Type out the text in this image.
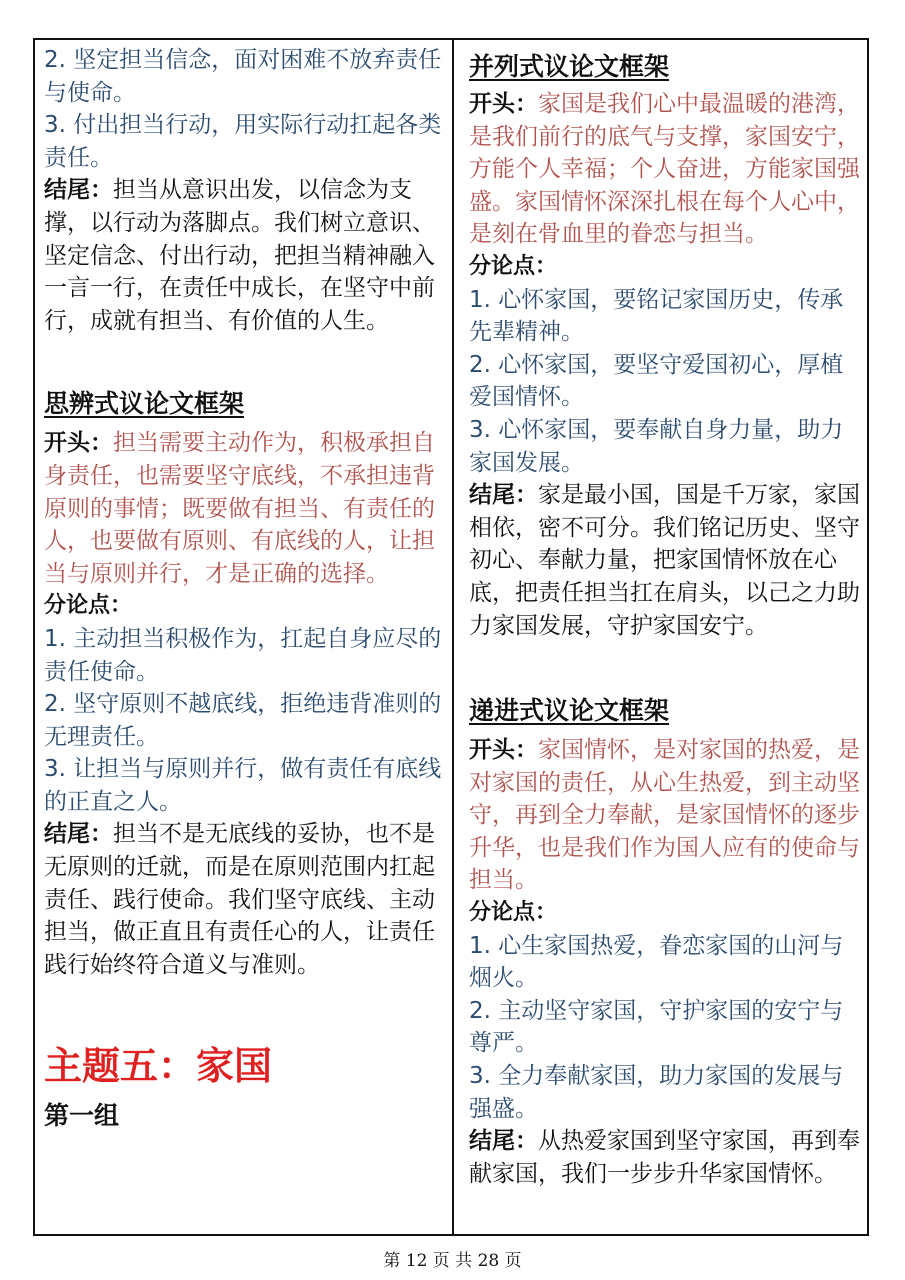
2. 坚定担当信念，面对困难不放弃责任与使命。

3. 付出担当行动，用实际行动扛起各类责任。

结尾：担当从意识出发，以信念为支撑，以行动为落脚点。我们树立意识、坚定信念、付出行动，把担当精神融入一言一行，在责任中成长，在坚守中前行，成就有担当、有价值的人生。

思辨式议论文框架

开头：担当需要主动作为，积极承担自身责任，也需要坚守底线，不承担违背原则的事情；既要做有担当、有责任的人，也要做有原则、有底线的人，让担当与原则并行，才是正确的选择。

分论点：

1. 主动担当积极作为，扛起自身应尽的责任使命。

2. 坚守原则不越底线，拒绝违背准则的无理责任。

3. 让担当与原则并行，做有责任有底线的正直之人。

结尾：担当不是无底线的妥协，也不是无原则的迁就，而是在原则范围内扛起责任、践行使命。我们坚守底线、主动担当，做正直且有责任心的人，让责任践行始终符合道义与准则。

主题五：家国

第一组

并列式议论文框架

开头：家国是我们心中最温暖的港湾，是我们前行的底气与支撑，家国安宁，方能个人幸福；个人奋进，方能家国强盛。家国情怀深深扎根在每个人心中，是刻在骨血里的眷恋与担当。

分论点：

1. 心怀家国，要铭记家国历史，传承先辈精神。

2. 心怀家国，要坚守爱国初心，厚植爱国情怀。

3. 心怀家国，要奉献自身力量，助力家国发展。

结尾：家是最小国，国是千万家，家国相依，密不可分。我们铭记历史、坚守初心、奉献力量，把家国情怀放在心底，把责任担当扛在肩头，以己之力助力家国发展，守护家国安宁。

递进式议论文框架

开头：家国情怀，是对家国的热爱，是对家国的责任，从心生热爱，到主动坚守，再到全力奉献，是家国情怀的逐步升华，也是我们作为国人应有的使命与担当。

分论点：

1. 心生家国热爱，眷恋家国的山河与烟火。

2. 主动坚守家国，守护家国的安宁与尊严。

3. 全力奉献家国，助力家国的发展与强盛。

结尾：从热爱家国到坚守家国，再到奉献家国，我们一步步升华家国情怀。

第 12 页 共 28 页
